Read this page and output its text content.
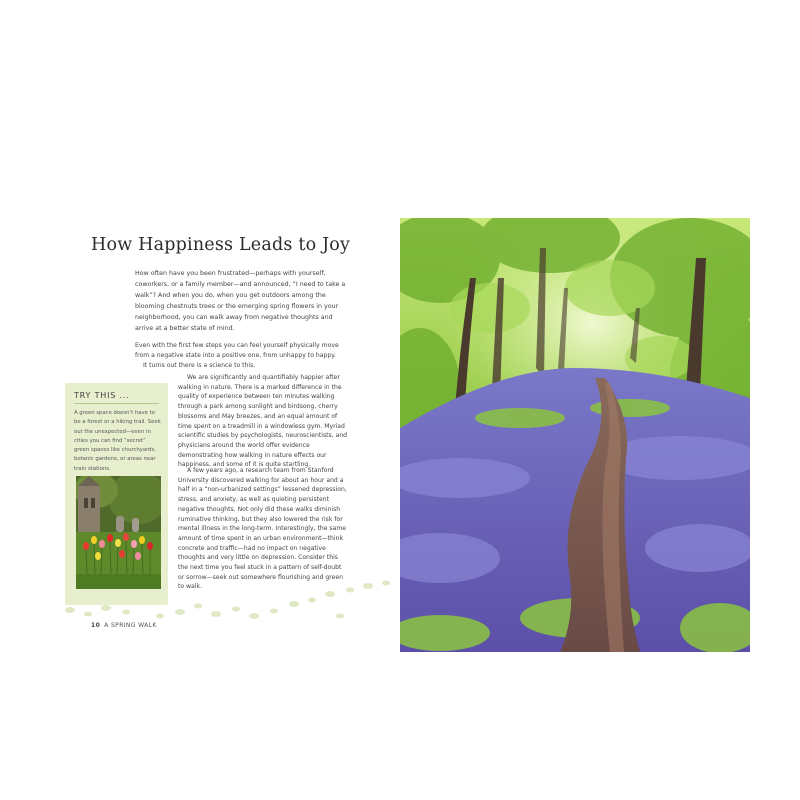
How Happiness Leads to Joy

How often have you been frustrated—perhaps with yourself, coworkers, or a family member—and announced, “I need to take a walk”? And when you do, when you get outdoors among the blooming chestnuts trees or the emerging spring flowers in your neighborhood, you can walk away from negative thoughts and arrive at a better state of mind.

Even with the first few steps you can feel yourself physically move from a negative state into a positive one, from unhappy to happy.

It turns out there is a science to this.

We are significantly and quantifiably happier after walking in nature. There is a marked difference in the quality of experience between ten minutes walking through a park among sunlight and birdsong, cherry blossoms and May breezes, and an equal amount of time spent on a treadmill in a windowless gym. Myriad scientific studies by psychologists, neuroscientists, and physicians around the world offer evidence demonstrating how walking in nature effects our happiness, and some of it is quite startling.

A few years ago, a research team from Stanford University discovered walking for about an hour and a half in a “non-urbanized settings” lessened depression, stress, and anxiety, as well as quieting persistent negative thoughts. Not only did these walks diminish ruminative thinking, but they also lowered the risk for mental illness in the long-term. Interestingly, the same amount of time spent in an urban environment—think concrete and traffic—had no impact on negative thoughts and very little on depression. Consider this the next time you feel stuck in a pattern of self-doubt or sorrow—seek out somewhere flourishing and green to walk.

TRY THIS ...

A green space doesn’t have to be a forest or a hiking trail. Seek out the unexpected—even in cities you can find “secret” green spaces like churchyards, botanic gardens, or areas near train stations.

10 A SPRING WALK
